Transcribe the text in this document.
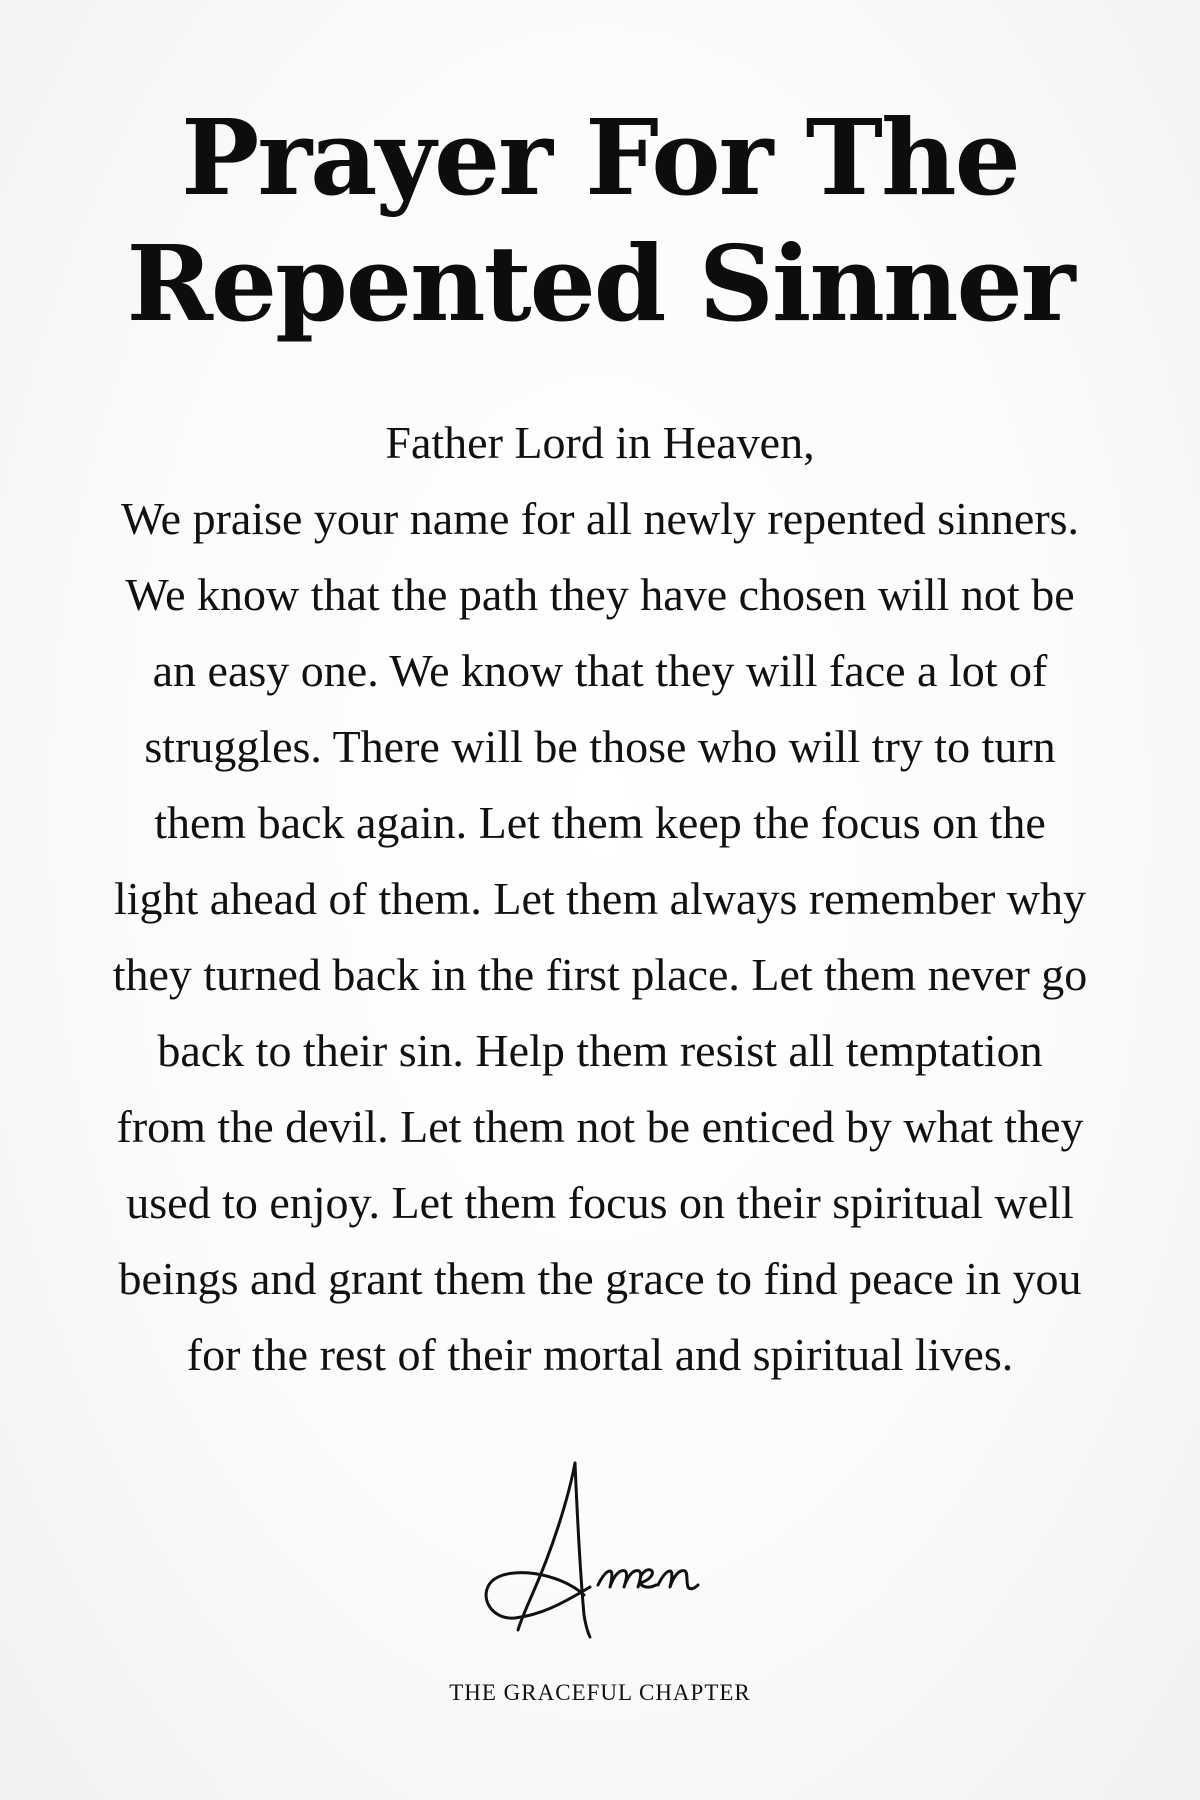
Prayer For The
Repented Sinner
Father Lord in Heaven,
We praise your name for all newly repented sinners.
We know that the path they have chosen will not be
an easy one. We know that they will face a lot of
struggles. There will be those who will try to turn
them back again. Let them keep the focus on the
light ahead of them. Let them always remember why
they turned back in the first place. Let them never go
back to their sin. Help them resist all temptation
from the devil. Let them not be enticed by what they
used to enjoy. Let them focus on their spiritual well
beings and grant them the grace to find peace in you
for the rest of their mortal and spiritual lives.
THE GRACEFUL CHAPTER
